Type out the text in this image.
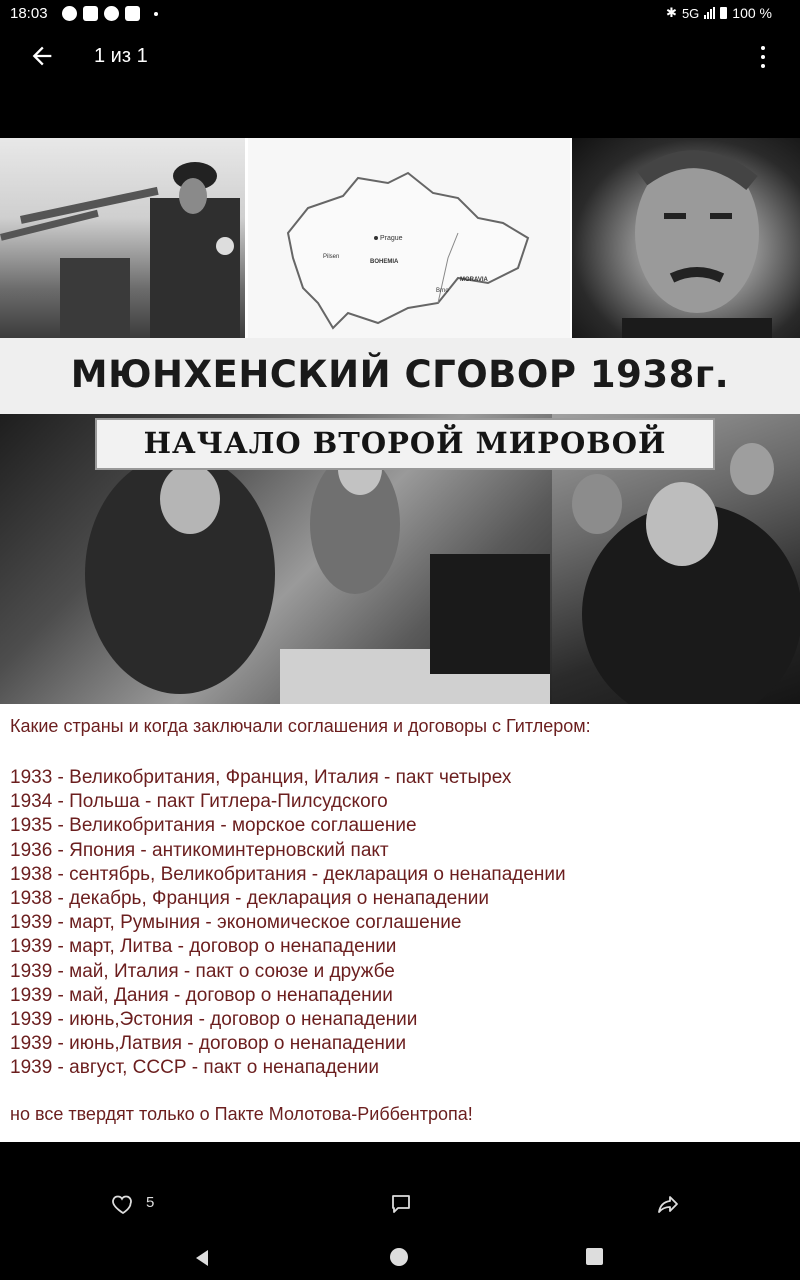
18:03	✱ 5G 100 %
1 из 1
Prague
Pilsen
BOHEMIA
MORAVIA
Brno
МЮНХЕНСКИЙ СГОВОР 1938г.
НАЧАЛО ВТОРОЙ МИРОВОЙ
Какие страны и когда заключали соглашения и договоры с Гитлером:
1933 - Великобритания, Франция, Италия - пакт четырех
1934 - Польша - пакт Гитлера-Пилсудского
1935 - Великобритания - морское соглашение
1936 - Япония - антикоминтерновский пакт
1938 - сентябрь, Великобритания - декларация о ненападении
1938 - декабрь, Франция - декларация о ненападении
1939 - март, Румыния - экономическое соглашение
1939 - март, Литва - договор о ненападении
1939 - май, Италия - пакт о союзе и дружбе
1939 - май, Дания - договор о ненападении
1939 - июнь,Эстония - договор о ненападении
1939 - июнь,Латвия - договор о ненападении
1939 - август, СССР - пакт о ненападении
но все твердят только о Пакте Молотова-Риббентропа!
5
